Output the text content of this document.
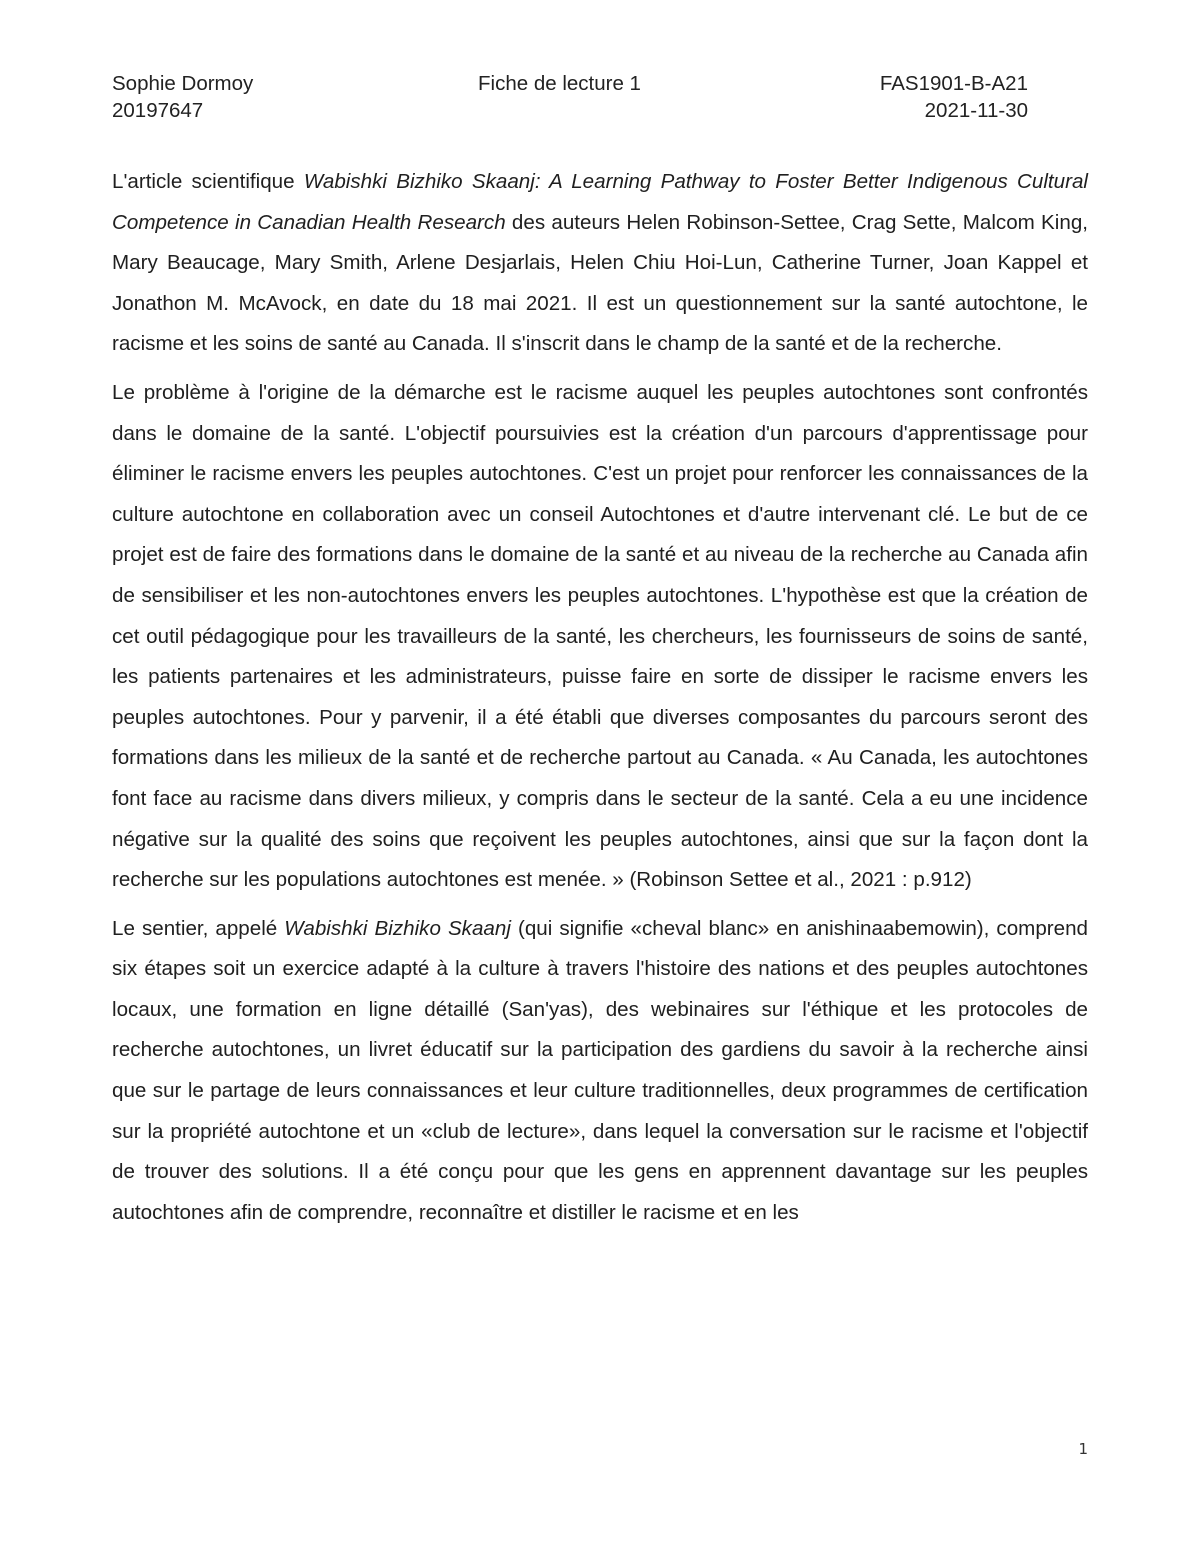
Sophie Dormoy	Fiche de lecture 1	FAS1901-B-A21
20197647	2021-11-30

L'article scientifique Wabishki Bizhiko Skaanj: A Learning Pathway to Foster Better Indigenous Cultural Competence in Canadian Health Research des auteurs Helen Robinson-Settee, Crag Sette, Malcom King, Mary Beaucage, Mary Smith, Arlene Desjarlais, Helen Chiu Hoi-Lun, Catherine Turner, Joan Kappel et Jonathon M. McAvock, en date du 18 mai 2021. Il est un questionnement sur la santé autochtone, le racisme et les soins de santé au Canada. Il s'inscrit dans le champ de la santé et de la recherche.

Le problème à l'origine de la démarche est le racisme auquel les peuples autochtones sont confrontés dans le domaine de la santé. L'objectif poursuivies est la création d'un parcours d'apprentissage pour éliminer le racisme envers les peuples autochtones. C'est un projet pour renforcer les connaissances de la culture autochtone en collaboration avec un conseil Autochtones et d'autre intervenant clé. Le but de ce projet est de faire des formations dans le domaine de la santé et au niveau de la recherche au Canada afin de sensibiliser et les non-autochtones envers les peuples autochtones. L'hypothèse est que la création de cet outil pédagogique pour les travailleurs de la santé, les chercheurs, les fournisseurs de soins de santé, les patients partenaires et les administrateurs, puisse faire en sorte de dissiper le racisme envers les peuples autochtones. Pour y parvenir, il a été établi que diverses composantes du parcours seront des formations dans les milieux de la santé et de recherche partout au Canada. « Au Canada, les autochtones font face au racisme dans divers milieux, y compris dans le secteur de la santé. Cela a eu une incidence négative sur la qualité des soins que reçoivent les peuples autochtones, ainsi que sur la façon dont la recherche sur les populations autochtones est menée. » (Robinson Settee et al., 2021 : p.912)

Le sentier, appelé Wabishki Bizhiko Skaanj (qui signifie «cheval blanc» en anishinaabemowin), comprend six étapes soit un exercice adapté à la culture à travers l'histoire des nations et des peuples autochtones locaux, une formation en ligne détaillé (San'yas), des webinaires sur l'éthique et les protocoles de recherche autochtones, un livret éducatif sur la participation des gardiens du savoir à la recherche ainsi que sur le partage de leurs connaissances et leur culture traditionnelles, deux programmes de certification sur la propriété autochtone et un «club de lecture», dans lequel la conversation sur le racisme et l'objectif de trouver des solutions. Il a été conçu pour que les gens en apprennent davantage sur les peuples autochtones afin de comprendre, reconnaître et distiller le racisme et en les

1
